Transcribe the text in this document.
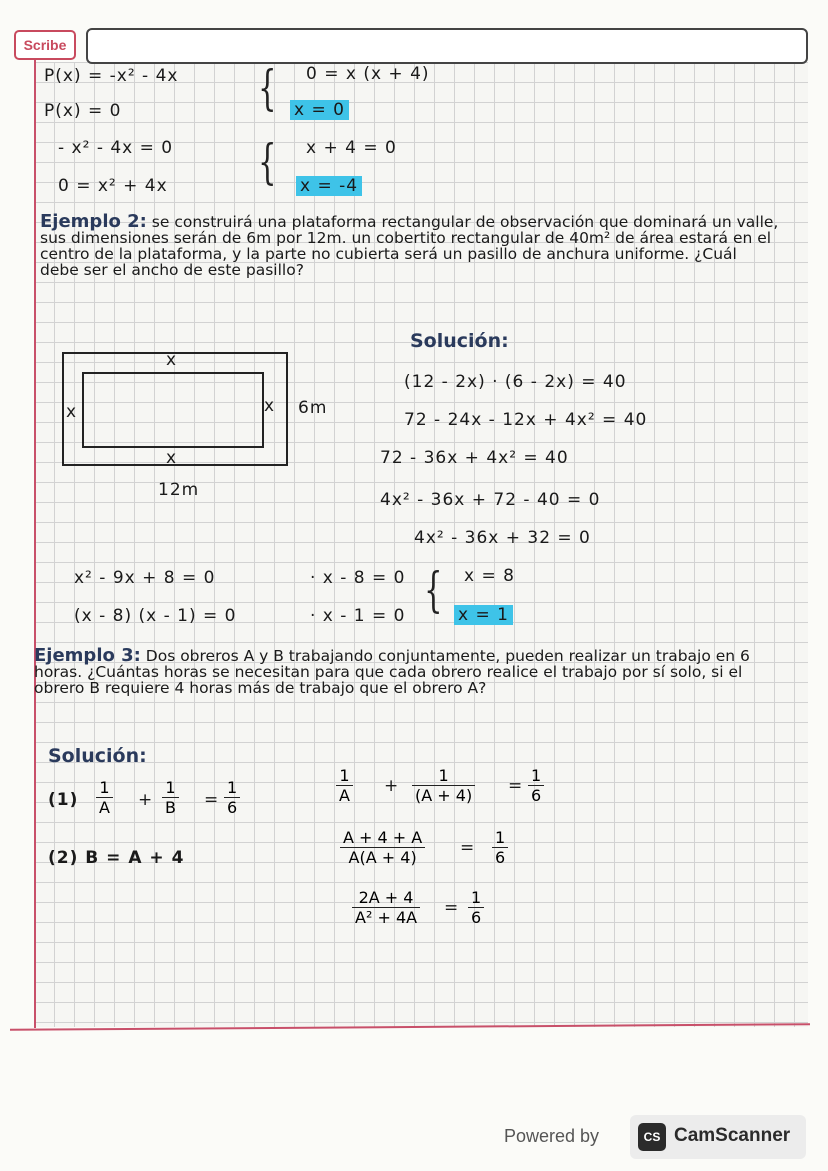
Scribe
P(x) = -x² - 4x
P(x) = 0
- x² - 4x = 0
0 = x² + 4x
{
{
0 = x (x + 4)
x = 0
x + 4 = 0
x = -4
Ejemplo 2: se construirá una plataforma rectangular de observación que dominará un valle, sus dimensiones serán de 6m por 12m. un cobertito rectangular de 40m² de área estará en el centro de la plataforma, y la parte no cubierta será un pasillo de anchura uniforme. ¿Cuál debe ser el ancho de este pasillo?
Solución:
x
x	x
x
6m
12m
(12 - 2x) · (6 - 2x) = 40
72 - 24x - 12x + 4x² = 40
72 - 36x + 4x² = 40
4x² - 36x + 72 - 40 = 0
4x² - 36x + 32 = 0
x² - 9x + 8 = 0
(x - 8) (x - 1) = 0
· x - 8 = 0
· x - 1 = 0 { x = 8
x = 1
Ejemplo 3: Dos obreros A y B trabajando conjuntamente, pueden realizar un trabajo en 6 horas. ¿Cuántas horas se necesitan para que cada obrero realice el trabajo por sí solo, si el obrero B requiere 4 horas más de trabajo que el obrero A?
Solución:
$(1) \frac{1}{A} + \frac{1}{B} = \frac{1}{6}$
(2) B = A + 4
$\frac{1}{A} + \frac{1}{(A + 4)} = \frac{1}{6}$
$\frac{A + 4 + A}{A(A + 4)} = \frac{1}{6}$
$\frac{2A + 4}{\text{A² + 4A}} = \frac{1}{6}$
Powered by	CS CamScanner
